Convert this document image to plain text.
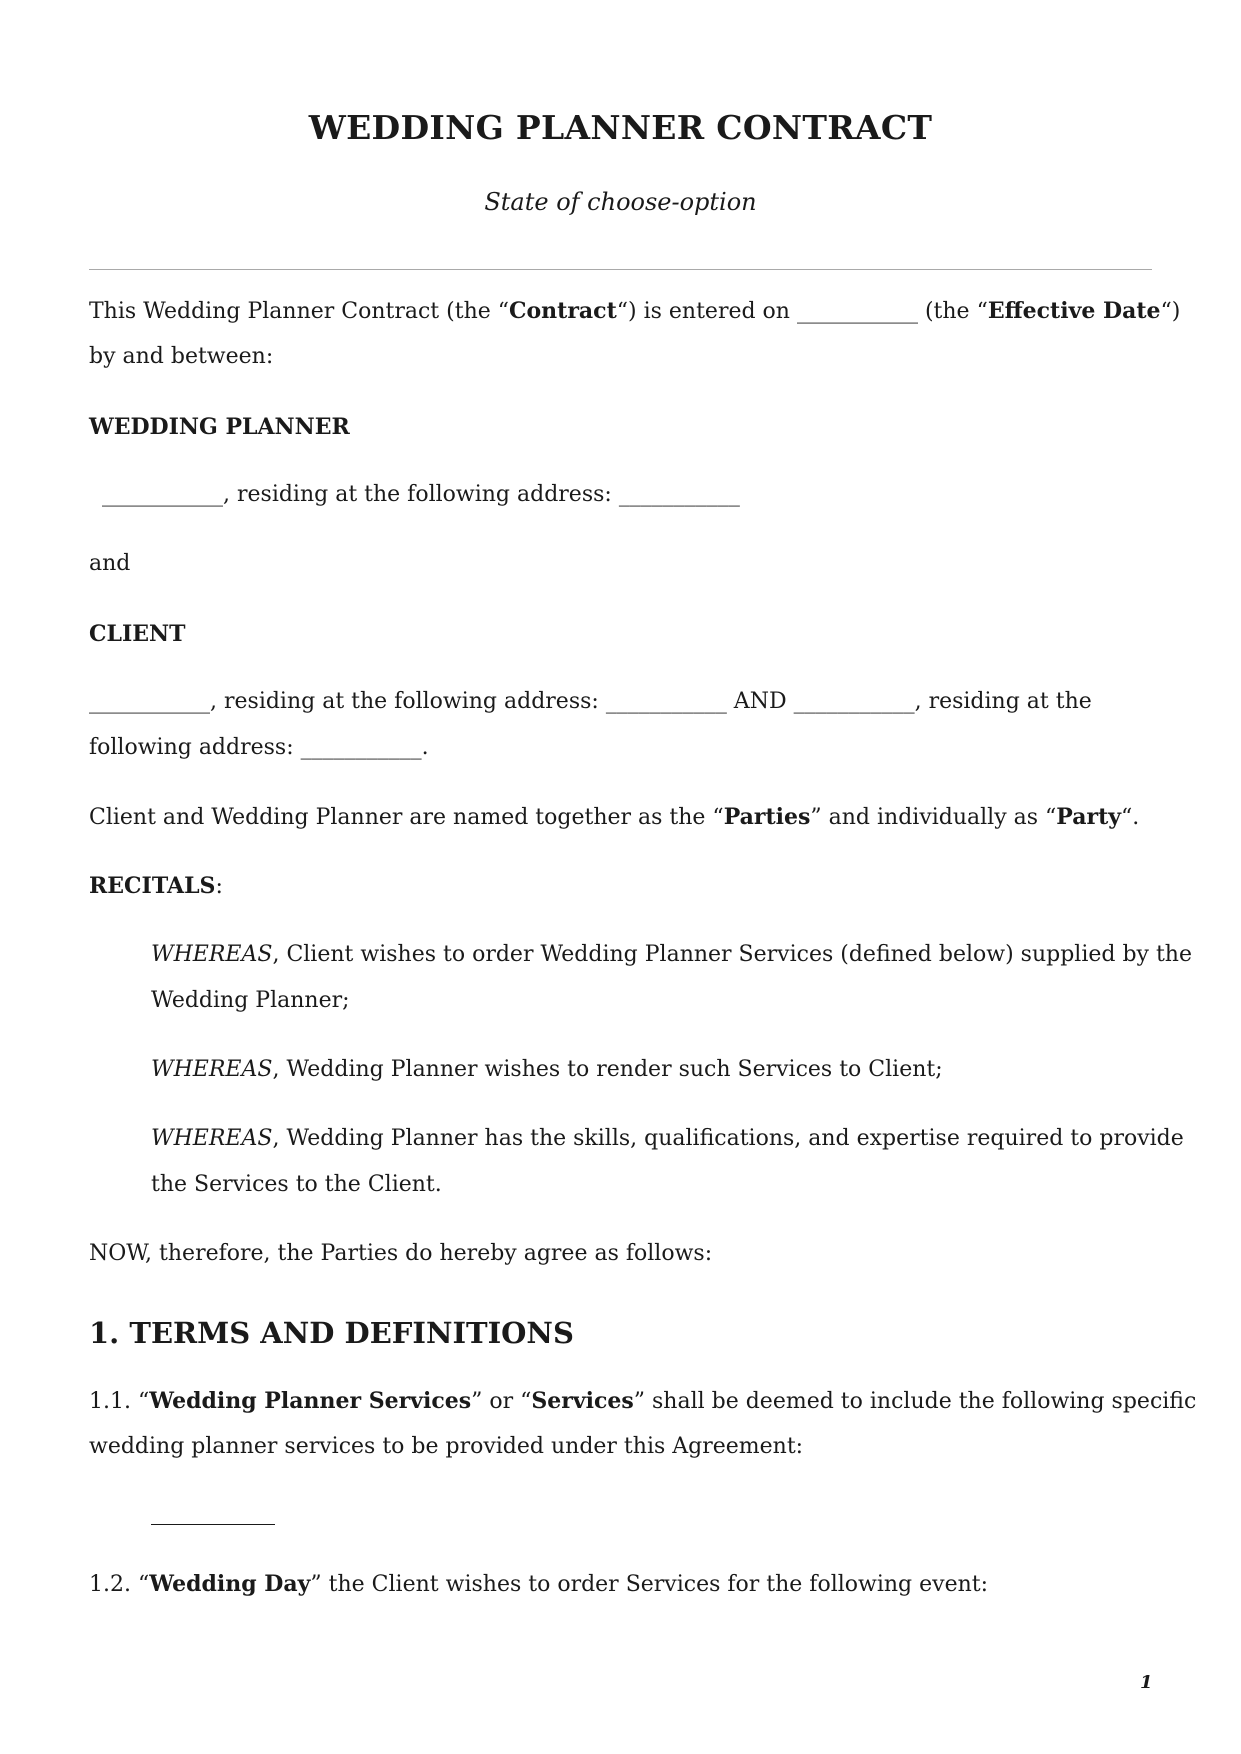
WEDDING PLANNER CONTRACT
State of choose-option
This Wedding Planner Contract (the “Contract“) is entered on ___________ (the “Effective Date“)
by and between:
WEDDING PLANNER
___________, residing at the following address: ___________
and
CLIENT
___________, residing at the following address: ___________ AND ___________, residing at the
following address: ___________.
Client and Wedding Planner are named together as the “Parties” and individually as “Party“.
RECITALS:
WHEREAS, Client wishes to order Wedding Planner Services (defined below) supplied by the
Wedding Planner;
WHEREAS, Wedding Planner wishes to render such Services to Client;
WHEREAS, Wedding Planner has the skills, qualifications, and expertise required to provide
the Services to the Client.
NOW, therefore, the Parties do hereby agree as follows:
1. TERMS AND DEFINITIONS
1.1. “Wedding Planner Services” or “Services” shall be deemed to include the following specific
wedding planner services to be provided under this Agreement:
1.2. “Wedding Day” the Client wishes to order Services for the following event:
1
